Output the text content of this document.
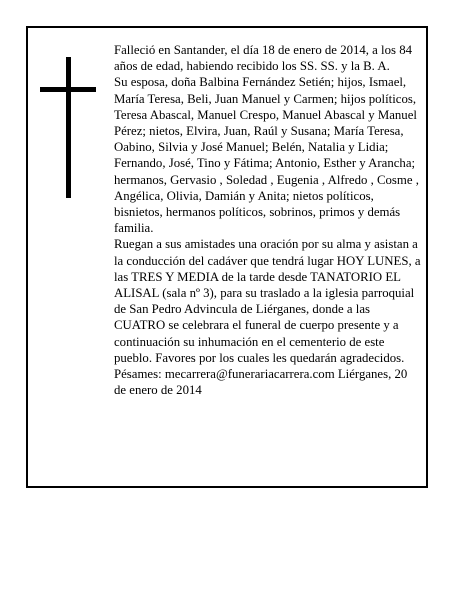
Falleció en Santander, el día 18 de enero de 2014, a los 84 años de edad, habiendo recibido los SS. SS. y la B. A.

Su esposa, doña Balbina Fernández Setién; hijos, Ismael, María Teresa, Beli, Juan Manuel y Carmen; hijos políticos, Teresa Abascal, Manuel Crespo, Manuel Abascal y Manuel Pérez; nietos, Elvira, Juan, Raúl y Susana; María Teresa, Oabino, Silvia y José Manuel; Belén, Natalia y Lidia; Fernando, José, Tino y Fátima; Antonio, Esther y Arancha; hermanos, Gervasio , Soledad , Eugenia , Alfredo , Cosme , Angélica, Olivia, Damián y Anita; nietos políticos, bisnietos, hermanos políticos, sobrinos, primos y demás familia.

Ruegan a sus amistades una oración por su alma y asistan a la conducción del cadáver que tendrá lugar HOY LUNES, a las TRES Y MEDIA de la tarde desde TANATORIO EL ALISAL (sala nº 3), para su traslado a la iglesia parroquial de San Pedro Advincula de Liérganes, donde a las CUATRO se celebrara el funeral de cuerpo presente y a continuación su inhumación en el cementerio de este pueblo. Favores por los cuales les quedarán agradecidos.

Pésames: mecarrera@funerariacarrera.com Liérganes, 20 de enero de 2014
